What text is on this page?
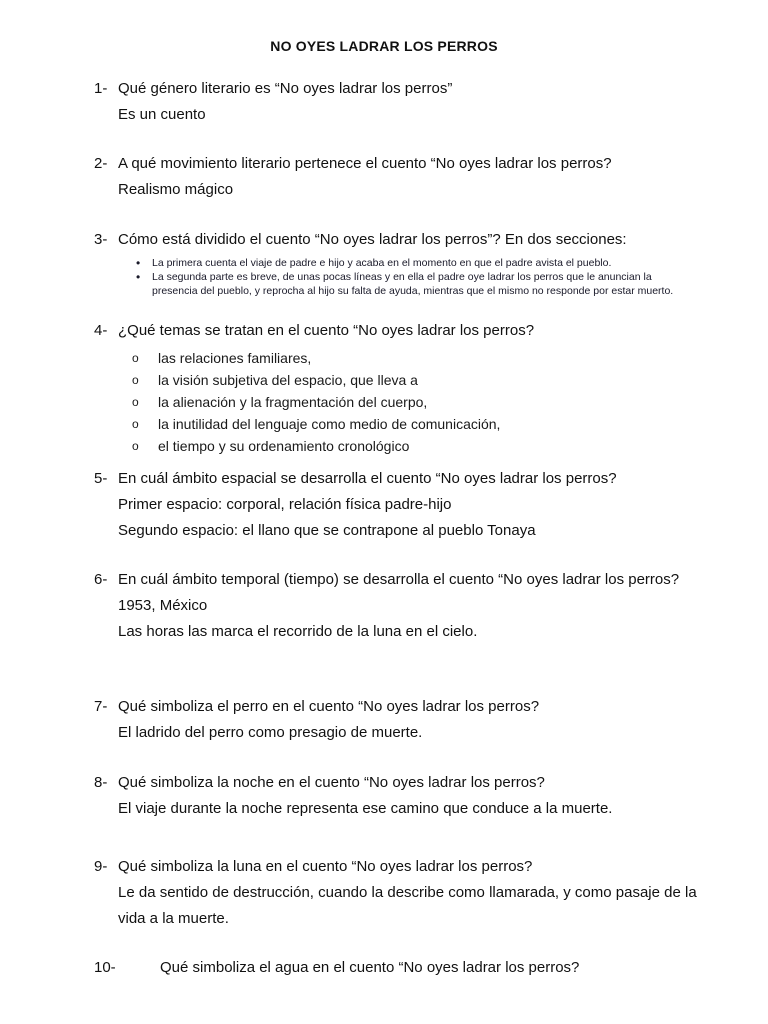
NO OYES LADRAR LOS PERROS
1- Qué género literario es “No oyes ladrar los perros”
Es un cuento
2- A qué movimiento literario pertenece el cuento “No oyes ladrar los perros?
Realismo mágico
3- Cómo está dividido el cuento “No oyes ladrar los perros”? En dos secciones:
• La primera cuenta el viaje de padre e hijo y acaba en el momento en que el padre avista el pueblo.
• La segunda parte es breve, de unas pocas líneas y en ella el padre oye ladrar los perros que le anuncian la presencia del pueblo, y reprocha al hijo su falta de ayuda, mientras que el mismo no responde por estar muerto.
4- ¿Qué temas se tratan en el cuento “No oyes ladrar los perros?
o las relaciones familiares,
o la visión subjetiva del espacio, que lleva a
o la alienación y la fragmentación del cuerpo,
o la inutilidad del lenguaje como medio de comunicación,
o el tiempo y su ordenamiento cronológico
5- En cuál ámbito espacial se desarrolla el cuento “No oyes ladrar los perros?
Primer espacio: corporal, relación física padre-hijo
Segundo espacio: el llano que se contrapone al pueblo Tonaya
6- En cuál ámbito temporal (tiempo) se desarrolla el cuento “No oyes ladrar los perros?
1953, México
Las horas las marca el recorrido de la luna en el cielo.
7- Qué simboliza el perro en el cuento “No oyes ladrar los perros?
El ladrido del perro como presagio de muerte.
8- Qué simboliza la noche en el cuento “No oyes ladrar los perros?
El viaje durante la noche representa ese camino que conduce a la muerte.
9- Qué simboliza la luna en el cuento “No oyes ladrar los perros?
Le da sentido de destrucción, cuando la describe como llamarada, y como pasaje de la vida a la muerte.
10-	Qué simboliza el agua en el cuento “No oyes ladrar los perros?
